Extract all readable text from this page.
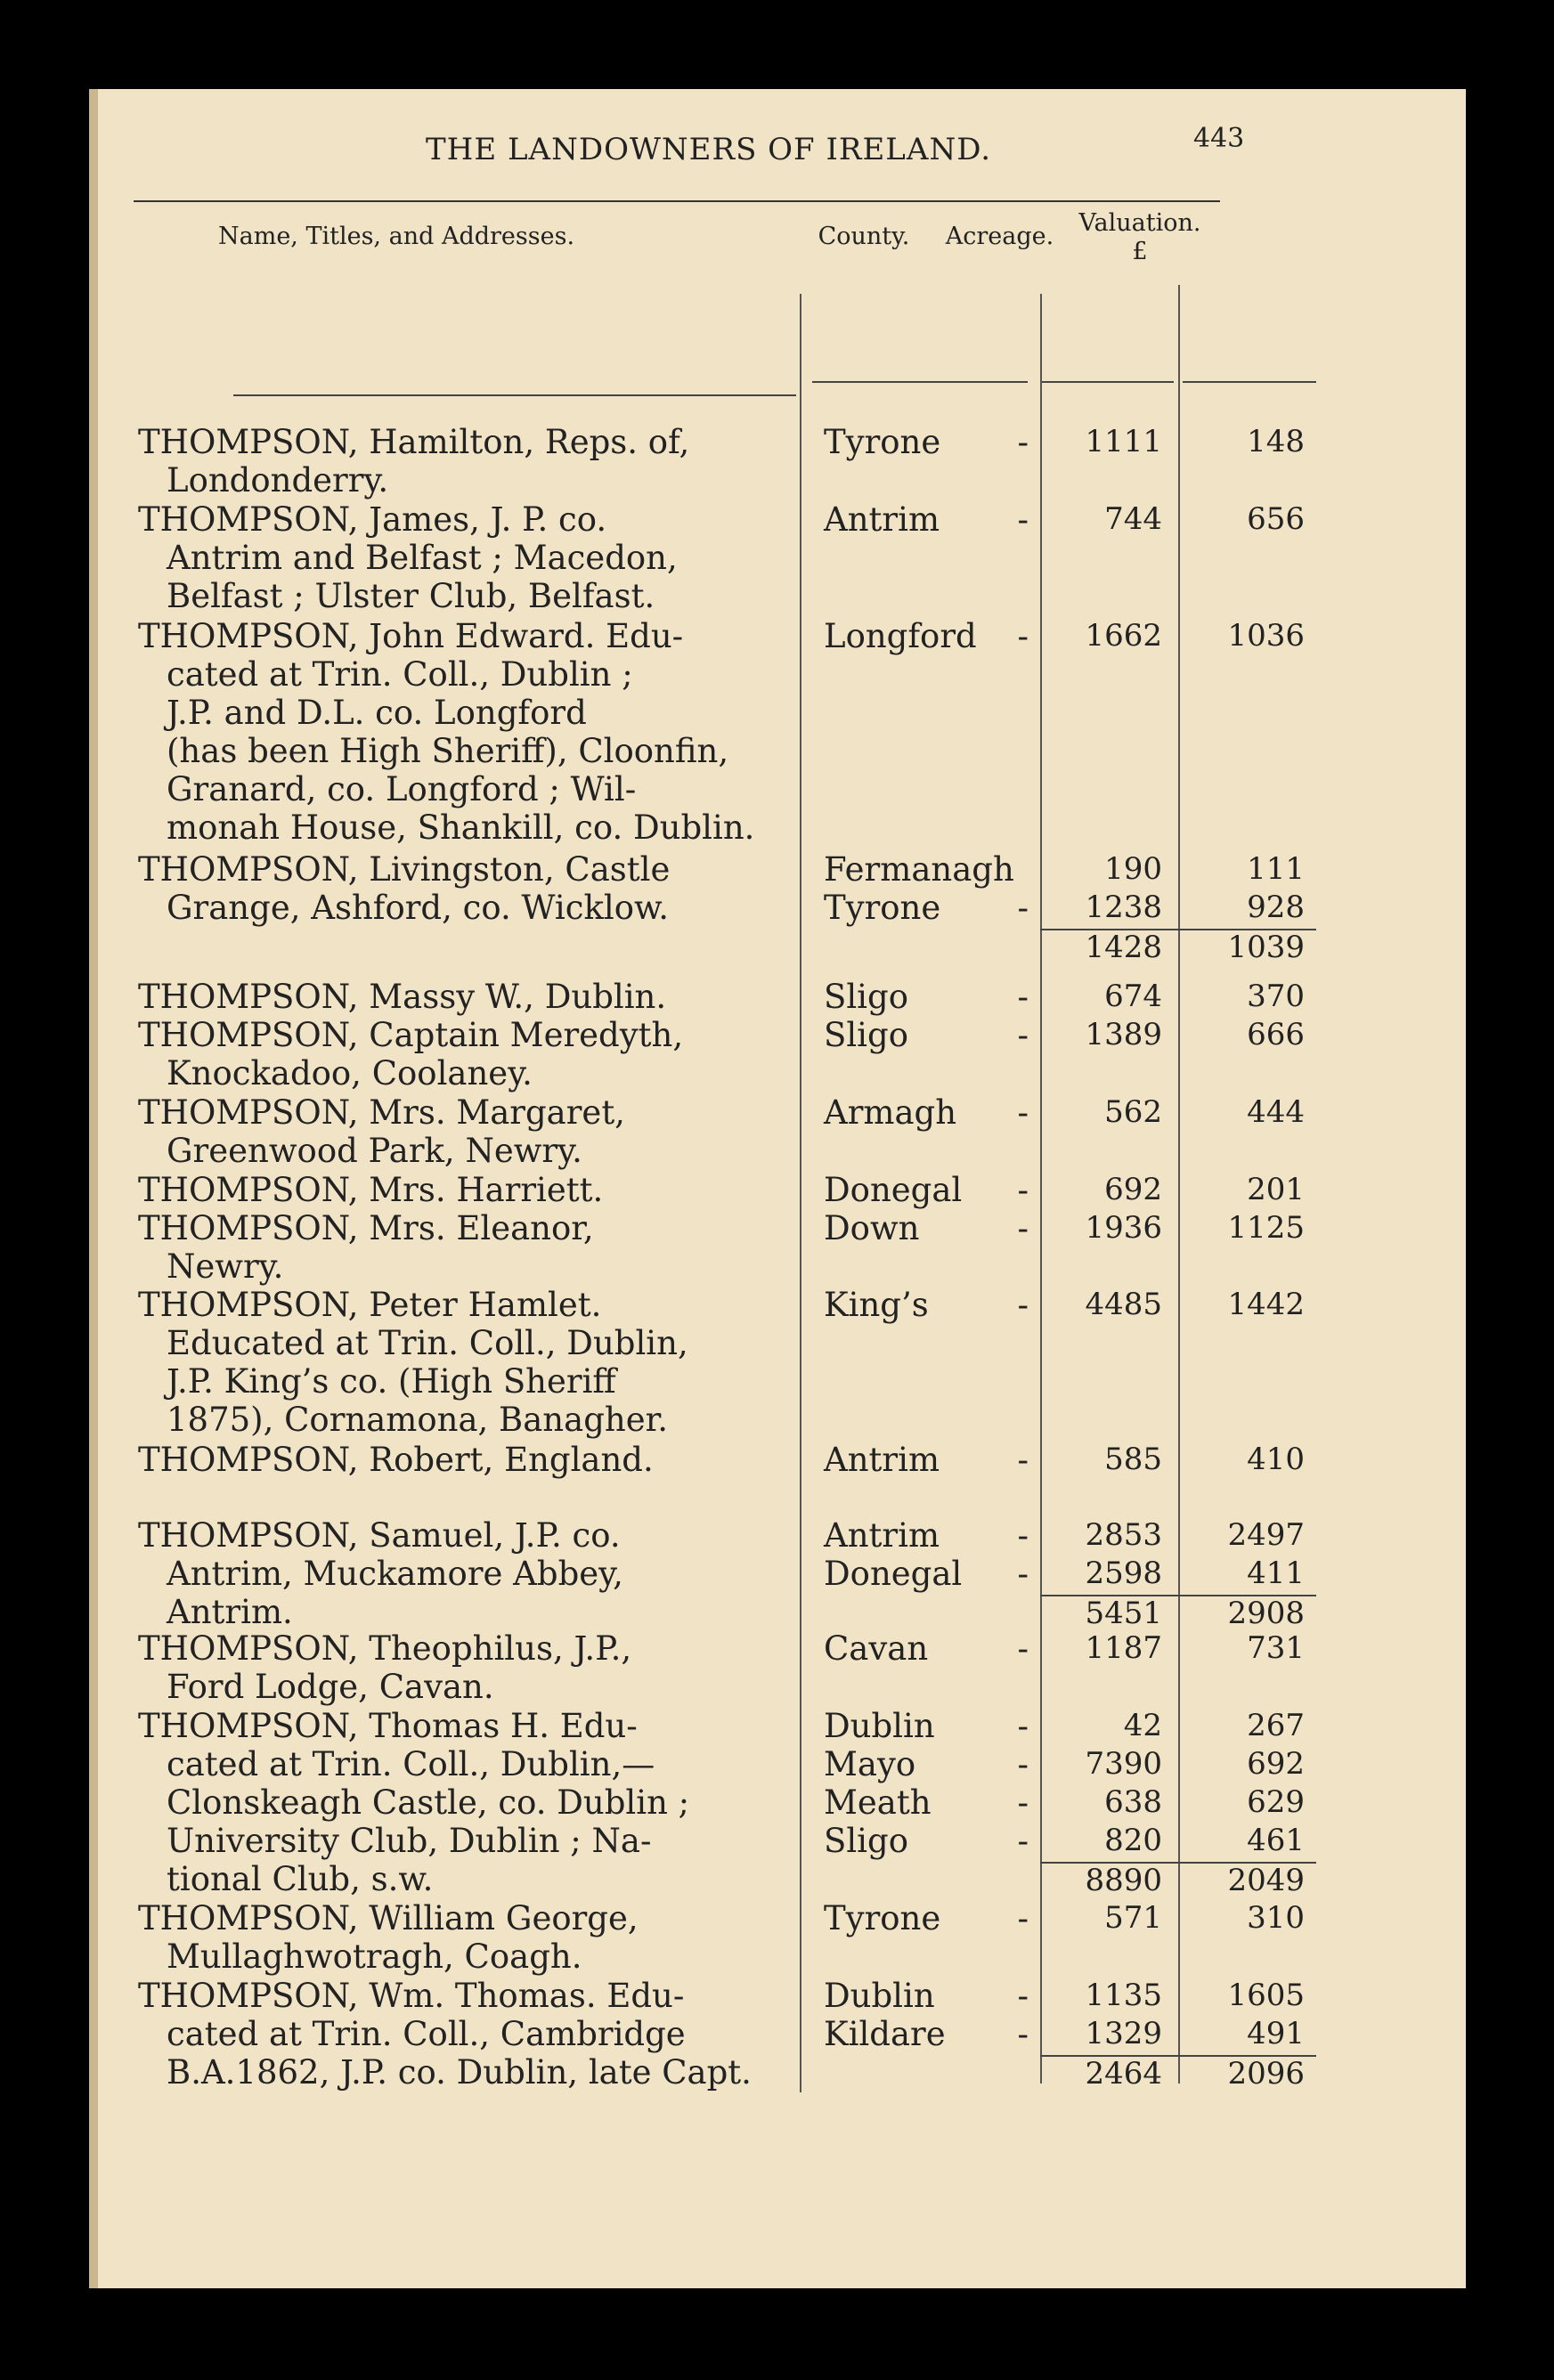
THE LANDOWNERS OF IRELAND.	443
Name, Titles, and Addresses.	County.	Acreage.	Valuation.
£
THOMPSON, Hamilton, Reps. of,
Londonderry.
Tyrone -	1111	148
THOMPSON, James, J. P. co.
Antrim and Belfast ; Macedon,
Belfast ; Ulster Club, Belfast.
Antrim -	744	656
THOMPSON, John Edward. Edu-
cated at Trin. Coll., Dublin ;
J.P. and D.L. co. Longford
(has been High Sheriff), Cloonfin,
Granard, co. Longford ; Wil-
monah House, Shankill, co. Dublin.
Longford -	1662	1036
THOMPSON, Livingston, Castle
Grange, Ashford, co. Wicklow.
Fermanagh	190	111
Tyrone -	1238	928
1428	1039
THOMPSON, Massy W., Dublin.	Sligo	-	674	370
THOMPSON, Captain Meredyth,
Knockadoo, Coolaney.
Sligo	-	1389	666
THOMPSON, Mrs. Margaret,
Greenwood Park, Newry.
Armagh -	562	444
THOMPSON, Mrs. Harriett.	Donegal -	692	201
THOMPSON, Mrs. Eleanor,
Newry.
Down	-	1936	1125
THOMPSON, Peter Hamlet.
Educated at Trin. Coll., Dublin,
J.P. King’s co. (High Sheriff
1875), Cornamona, Banagher.
King’s	-	4485	1442
THOMPSON, Robert, England.	Antrim -	585	410
THOMPSON, Samuel, J.P. co.
Antrim, Muckamore Abbey,
Antrim.
Antrim -	2853	2497
Donegal -	2598	411
5451	2908
THOMPSON, Theophilus, J.P.,
Ford Lodge, Cavan.
Cavan	-	1187	731
THOMPSON, Thomas H. Edu-
cated at Trin. Coll., Dublin,—
Clonskeagh Castle, co. Dublin ;
University Club, Dublin ; Na-
tional Club, s.w.
Dublin	-	42	267
Mayo	-	7390	692
Meath	-	638	629
Sligo	-	820	461
8890	2049
THOMPSON, William George,
Mullaghwotragh, Coagh.
Tyrone -	571	310
THOMPSON, Wm. Thomas. Edu-
cated at Trin. Coll., Cambridge
B.A.1862, J.P. co. Dublin, late Capt.
Dublin	-	1135	1605
Kildare -	1329	491
2464	2096
